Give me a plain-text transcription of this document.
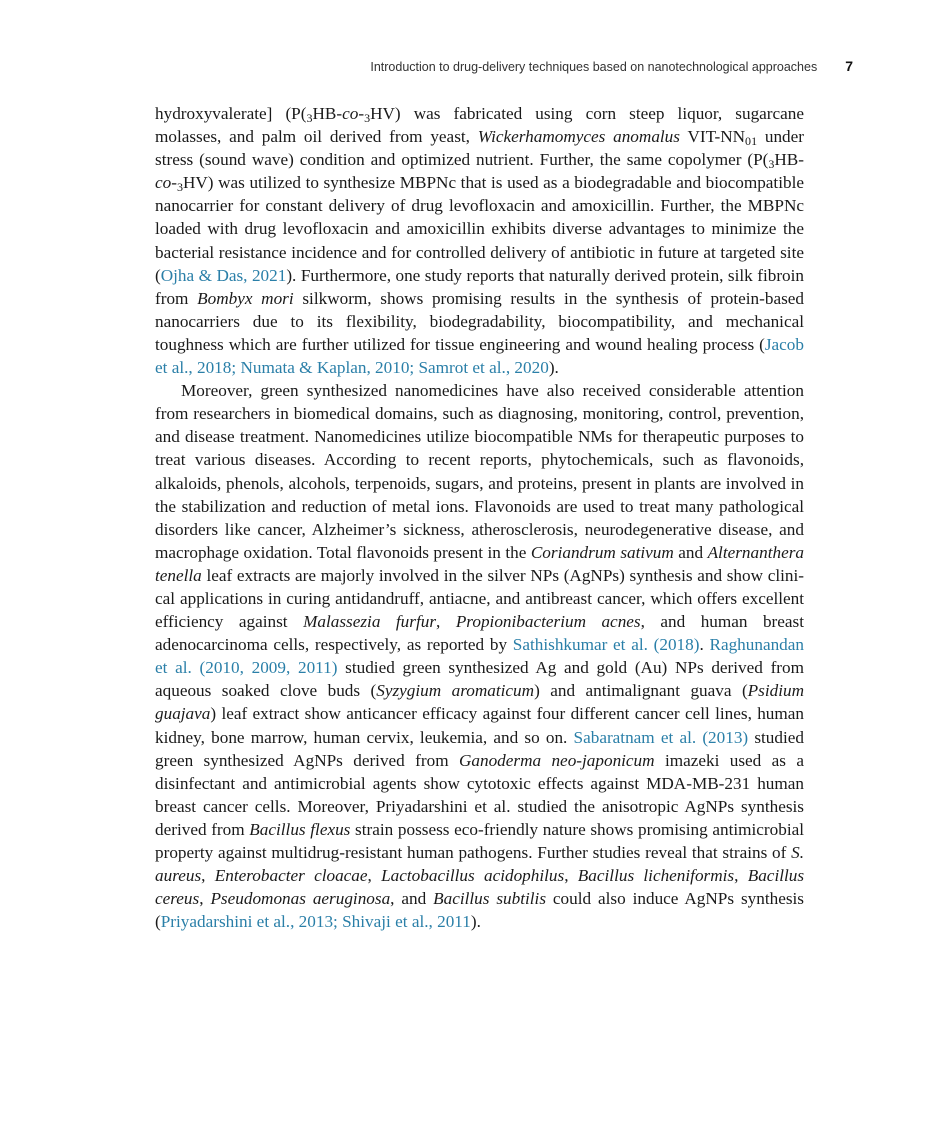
Introduction to drug-delivery techniques based on nanotechnological approaches 7

hydroxyvalerate] ($P(_3HB-co-_3HV)$ was fabricated using corn steep liquor, sugarcane molasses, and palm oil derived from yeast, Wickerhamomyces anomalus VIT-$NN_{01}$ under stress (sound wave) condition and optimized nutrient. Further, the same copolymer ($P(_3HB-co-_3HV)$ was utilized to synthesize MBPNc that is used as a biodegradable and biocompatible nanocarrier for constant delivery of drug levofloxacin and amoxicillin. Further, the MBPNc loaded with drug levofloxacin and amoxicillin exhibits diverse advantages to minimize the bacterial resistance incidence and for controlled delivery of antibiotic in future at targeted site (Ojha & Das, 2021). Furthermore, one study reports that naturally derived protein, silk fibroin from Bombyx mori silkworm, shows promising results in the synthesis of protein-based nanocarriers due to its flexibility, biodegradability, biocompatibility, and mechanical toughness which are further utilized for tissue engineering and wound healing process (Jacob et al., 2018; Numata & Kaplan, 2010; Samrot et al., 2020).

Moreover, green synthesized nanomedicines have also received considerable attention from researchers in biomedical domains, such as diagnosing, monitoring, control, prevention, and disease treatment. Nanomedicines utilize biocompatible NMs for therapeutic purposes to treat various diseases. According to recent reports, phytochemicals, such as flavonoids, alkaloids, phenols, alcohols, terpenoids, sugars, and proteins, present in plants are involved in the stabilization and reduction of metal ions. Flavonoids are used to treat many pathological disorders like cancer, Alzheimer’s sickness, atherosclerosis, neurodegenerative disease, and macrophage oxidation. Total flavonoids present in the Coriandrum sativum and Alternanthera tenella leaf extracts are majorly involved in the silver NPs (AgNPs) synthesis and show clinical applications in curing antidandruff, antiacne, and antibreast cancer, which offers excellent efficiency against Malassezia furfur, Propionibacterium acnes, and human breast adenocarcinoma cells, respectively, as reported by Sathishkumar et al. (2018). Raghunandan et al. (2010, 2009, 2011) studied green synthesized Ag and gold (Au) NPs derived from aqueous soaked clove buds (Syzygium aromaticum) and antimalignant guava (Psidium guajava) leaf extract show anticancer efficacy against four different cancer cell lines, human kidney, bone marrow, human cervix, leukemia, and so on. Sabaratnam et al. (2013) studied green synthesized AgNPs derived from Ganoderma neo-japonicum imazeki used as a disinfectant and antimicrobial agents show cytotoxic effects against MDA-MB-231 human breast cancer cells. Moreover, Priyadarshini et al. studied the anisotropic AgNPs synthesis derived from Bacillus flexus strain possess eco-friendly nature shows promising antimicrobial property against multidrug-resistant human pathogens. Further studies reveal that strains of S. aureus, Enterobacter cloacae, Lactobacillus acidophilus, Bacillus licheniformis, Bacillus cereus, Pseudomonas aeruginosa, and Bacillus subtilis could also induce AgNPs synthesis (Priyadarshini et al., 2013; Shivaji et al., 2011).
